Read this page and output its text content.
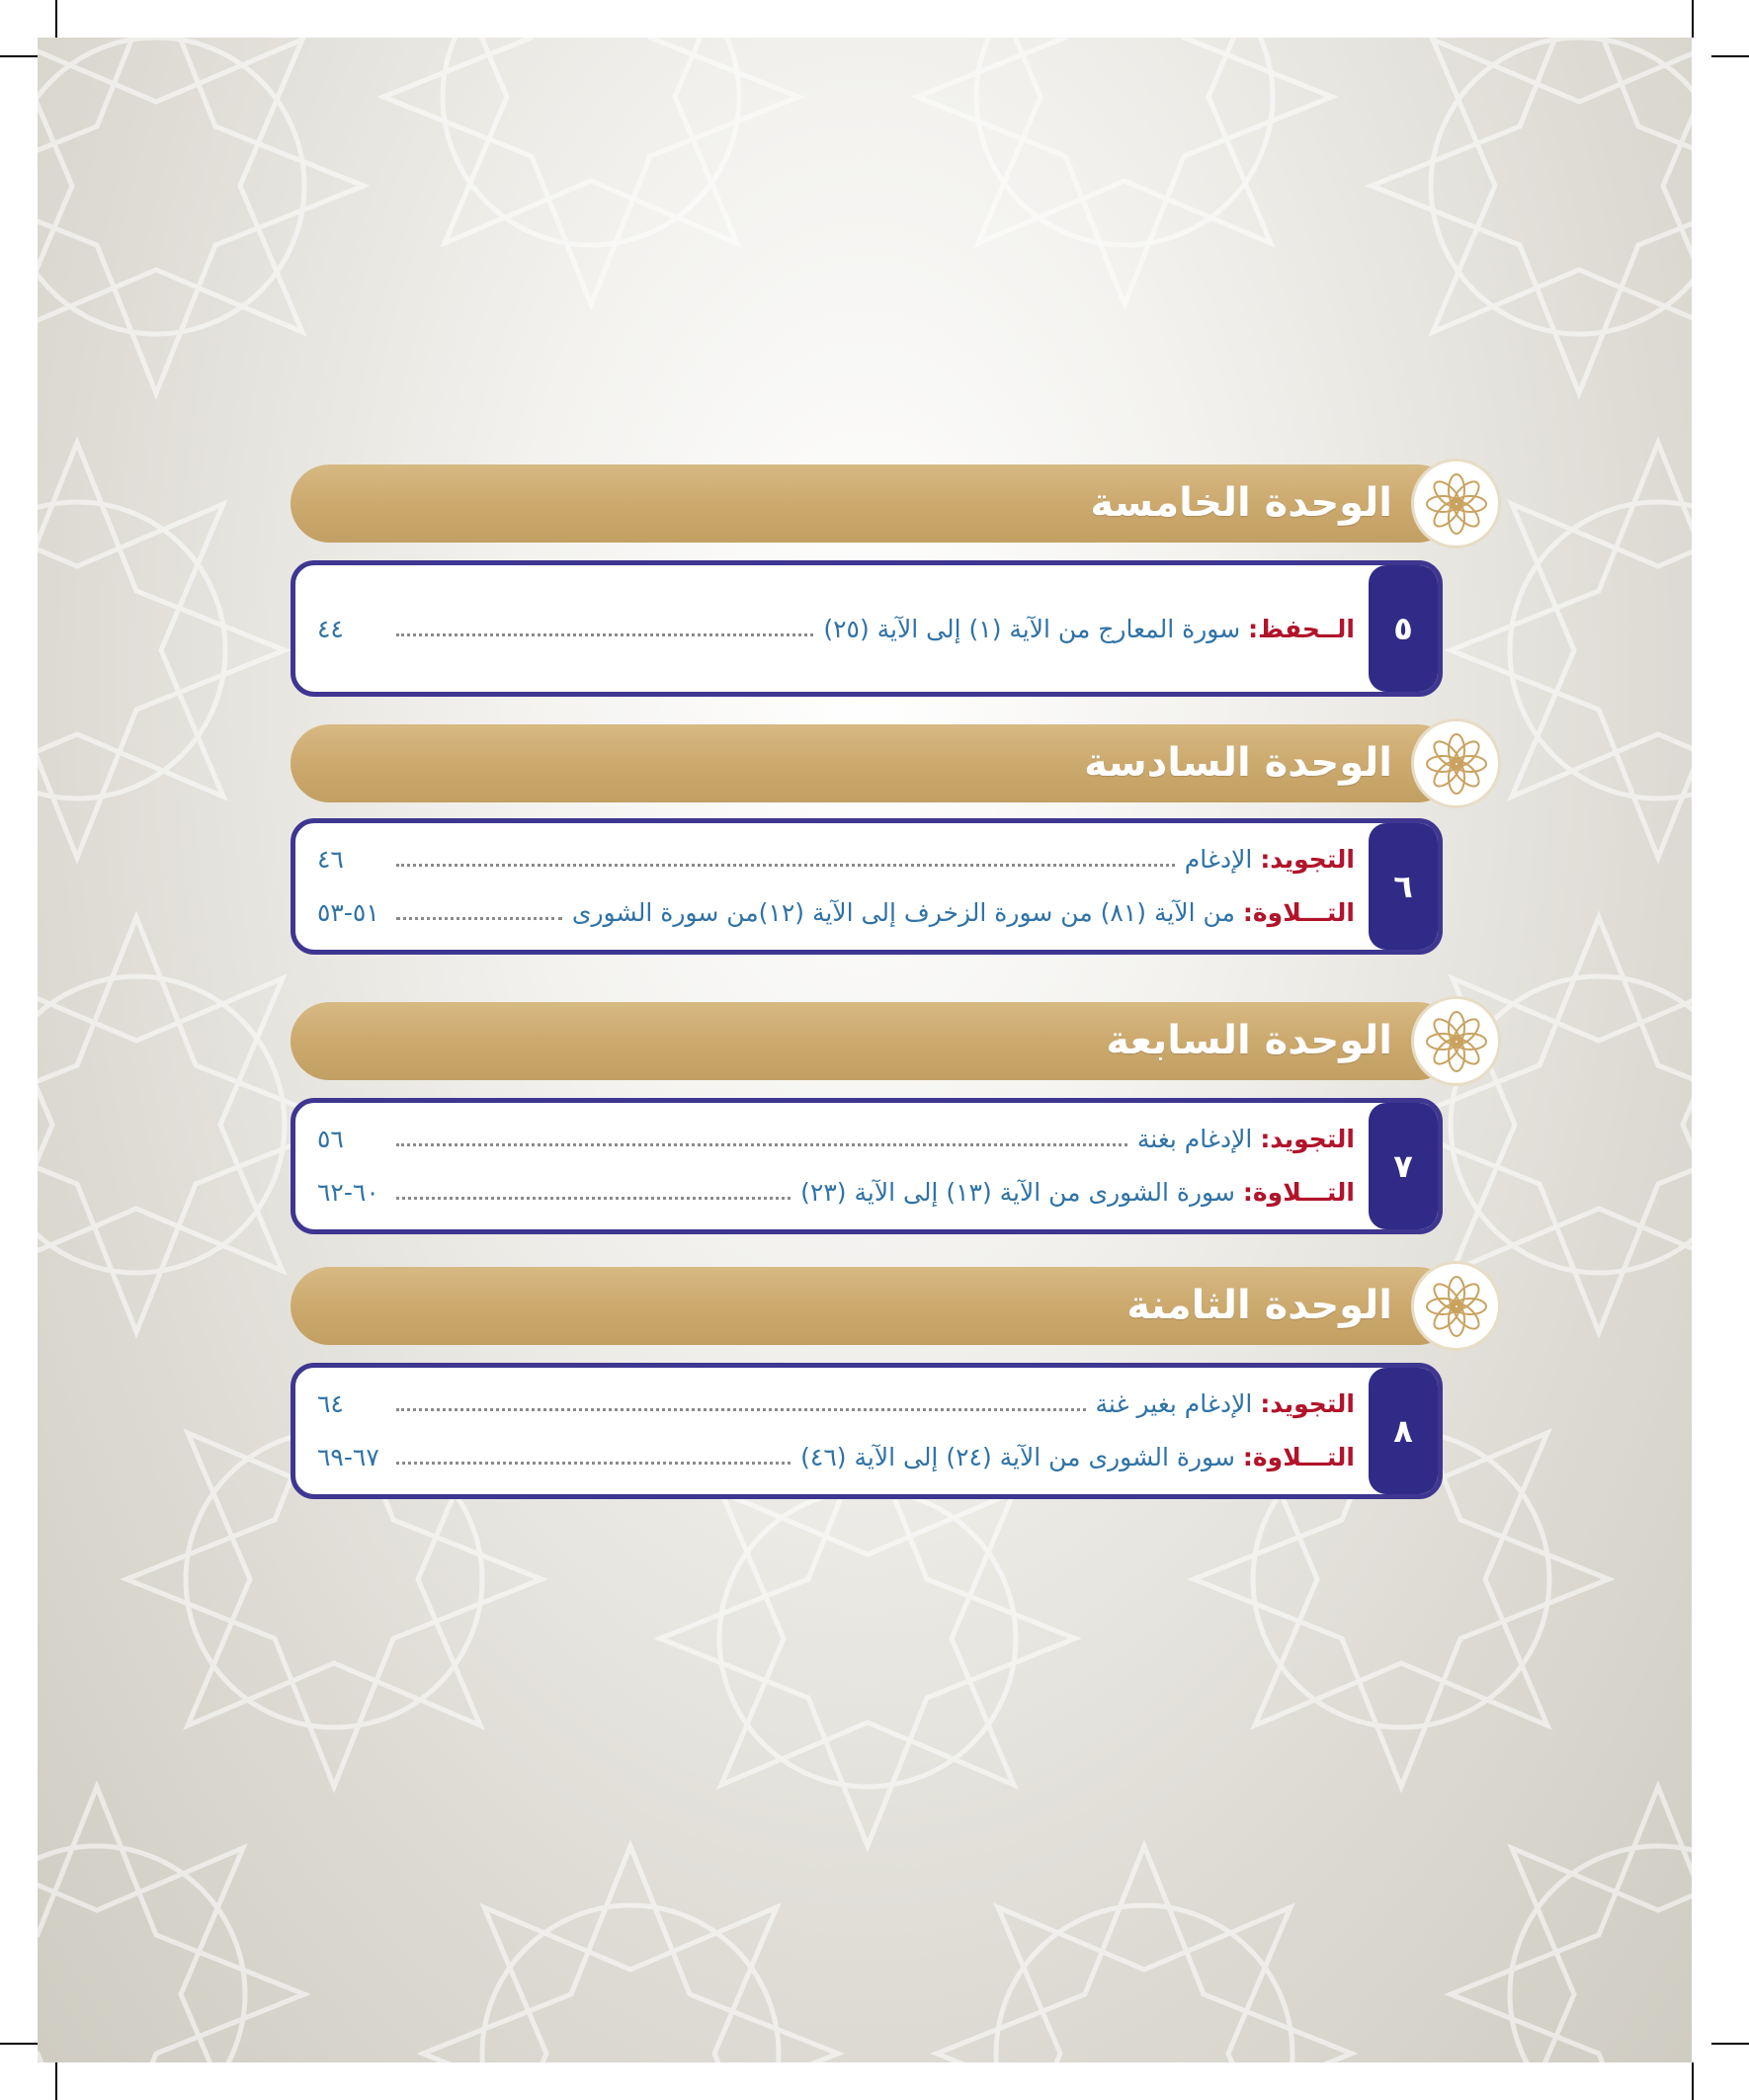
الوحدة الخامسة
الــحفظ:
سورة المعارج من الآية (١) إلى الآية (٢٥)
٤٤	٥
الوحدة السادسة
التجويد:
الإدغام
٤٦
التـــلاوة:
من الآية (٨١) من سورة الزخرف إلى الآية (١٢)من سورة الشورى
٥١-٥٣
٦
الوحدة السابعة
التجويد:
الإدغام بغنة
٥٦
التـــلاوة:
سورة الشورى من الآية (١٣) إلى الآية (٢٣)
٦٠-٦٢
٧
الوحدة الثامنة
التجويد:
الإدغام بغير غنة
٦٤
التـــلاوة:
سورة الشورى من الآية (٢٤) إلى الآية (٤٦)
٦٧-٦٩
٨
